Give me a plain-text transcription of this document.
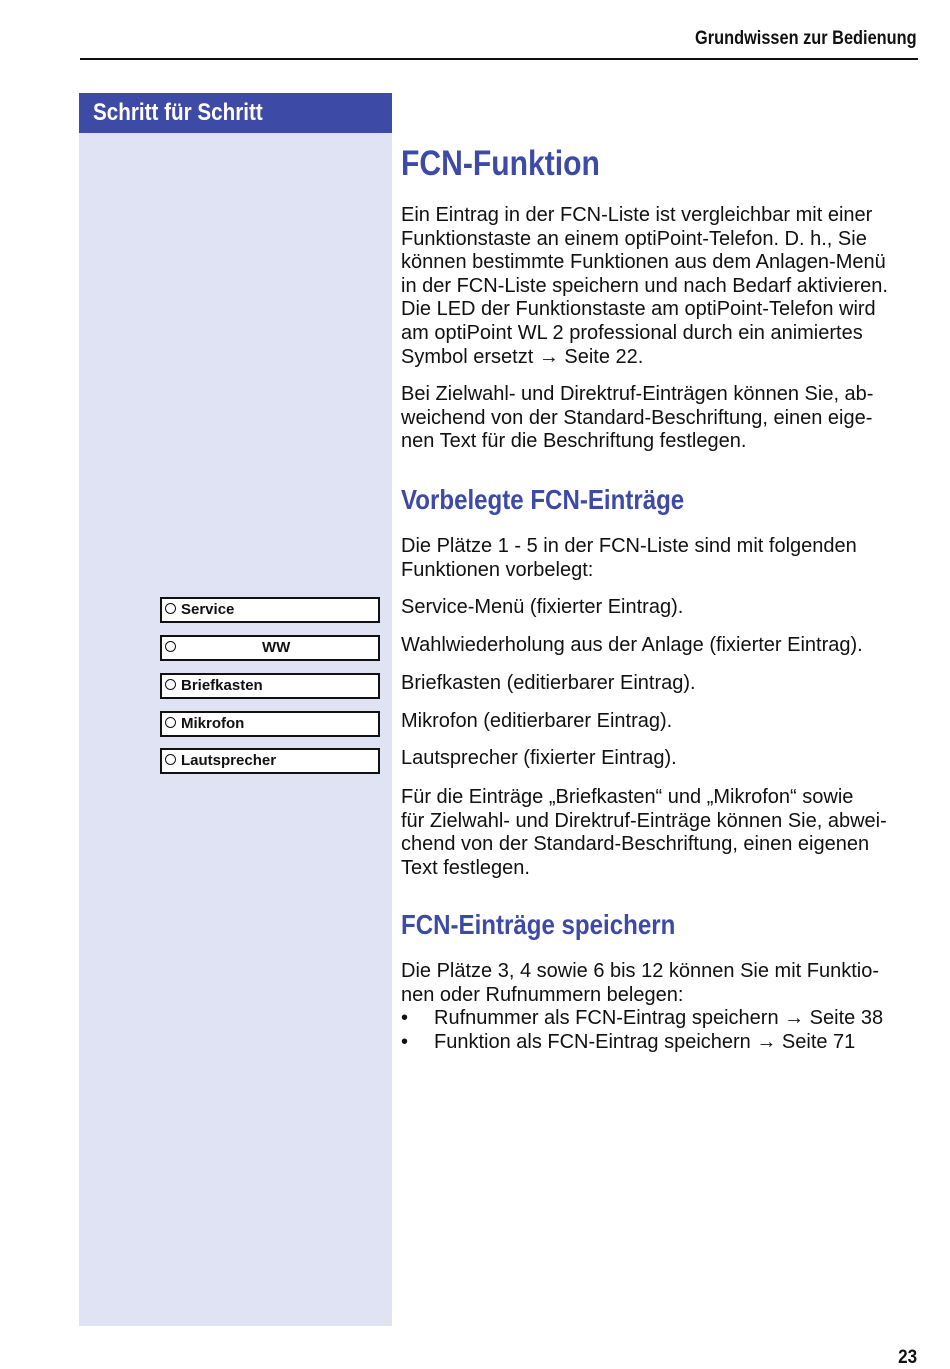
Grundwissen zur Bedienung
Schritt für Schritt
Service
WW
Briefkasten
Mikrofon
Lautsprecher
FCN-Funktion
Ein Eintrag in der FCN-Liste ist vergleichbar mit einer
Funktionstaste an einem optiPoint-Telefon. D. h., Sie
können bestimmte Funktionen aus dem Anlagen-Menü
in der FCN-Liste speichern und nach Bedarf aktivieren.
Die LED der Funktionstaste am optiPoint-Telefon wird
am optiPoint WL 2 professional durch ein animiertes
Symbol ersetzt → Seite 22.
Bei Zielwahl- und Direktruf-Einträgen können Sie, ab-
weichend von der Standard-Beschriftung, einen eige-
nen Text für die Beschriftung festlegen.
Vorbelegte FCN-Einträge
Die Plätze 1 - 5 in der FCN-Liste sind mit folgenden
Funktionen vorbelegt:
Service-Menü (fixierter Eintrag).
Wahlwiederholung aus der Anlage (fixierter Eintrag).
Briefkasten (editierbarer Eintrag).
Mikrofon (editierbarer Eintrag).
Lautsprecher (fixierter Eintrag).
Für die Einträge „Briefkasten“ und „Mikrofon“ sowie
für Zielwahl- und Direktruf-Einträge können Sie, abwei-
chend von der Standard-Beschriftung, einen eigenen
Text festlegen.
FCN-Einträge speichern
Die Plätze 3, 4 sowie 6 bis 12 können Sie mit Funktio-
nen oder Rufnummern belegen:
• Rufnummer als FCN-Eintrag speichern → Seite 38
• Funktion als FCN-Eintrag speichern → Seite 71
23
